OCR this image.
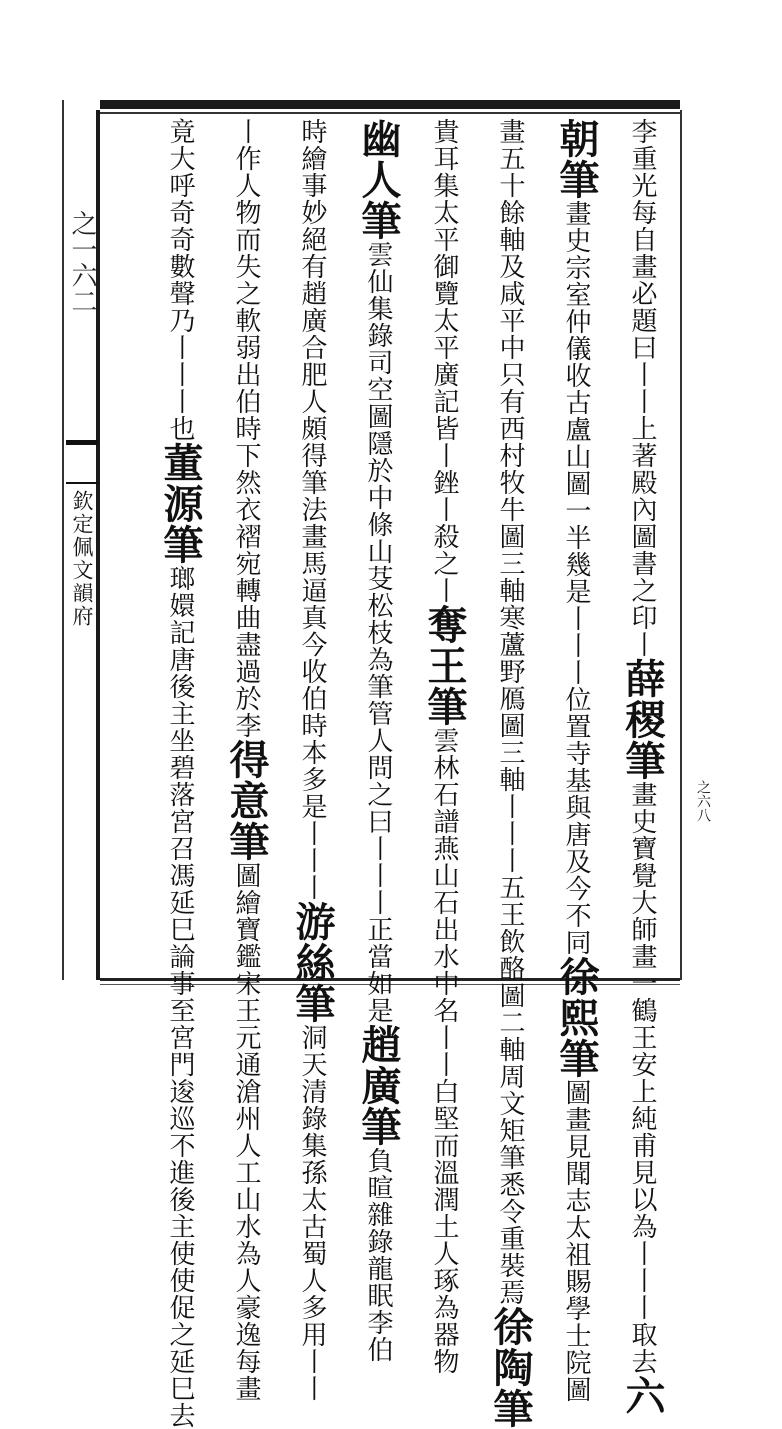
之一六二
欽定佩文韻府
之六八
李重光每自畫必題曰丨丨上著殿內圖書之印丨薛稷筆畫史寶覺大師畫一鶴王安上純甫見以為丨丨丨取去六
朝筆畫史宗室仲儀收古盧山圖一半幾是丨丨丨位置寺基與唐及今不同徐熙筆圖畫見聞志太祖賜學士院圖
畫五十餘軸及咸平中只有西村牧牛圖三軸寒蘆野鴈圖三軸丨丨丨五王飲酪圖二軸周文矩筆悉令重裝焉徐陶筆
貴耳集太平御覽太平廣記皆丨銼丨殺之丨奪王筆雲林石譜燕山石出水中名丨丨白堅而溫潤土人琢為器物
幽人筆雲仙集錄司空圖隱於中條山芟松枝為筆管人問之曰丨丨丨正當如是趙廣筆負暄雜錄龍眠李伯
時繪事妙絕有趙廣合肥人頗得筆法畫馬逼真今收伯時本多是丨丨丨游絲筆洞天清錄集孫太古蜀人多用丨丨
丨作人物而失之軟弱出伯時下然衣褶宛轉曲盡過於李得意筆圖繪寶鑑宋王元通滄州人工山水為人豪逸每畫
竟大呼奇奇數聲乃丨丨丨也董源筆瑯嬛記唐後主坐碧落宮召馮延巳論事至宮門逡巡不進後主使使促之延巳去
